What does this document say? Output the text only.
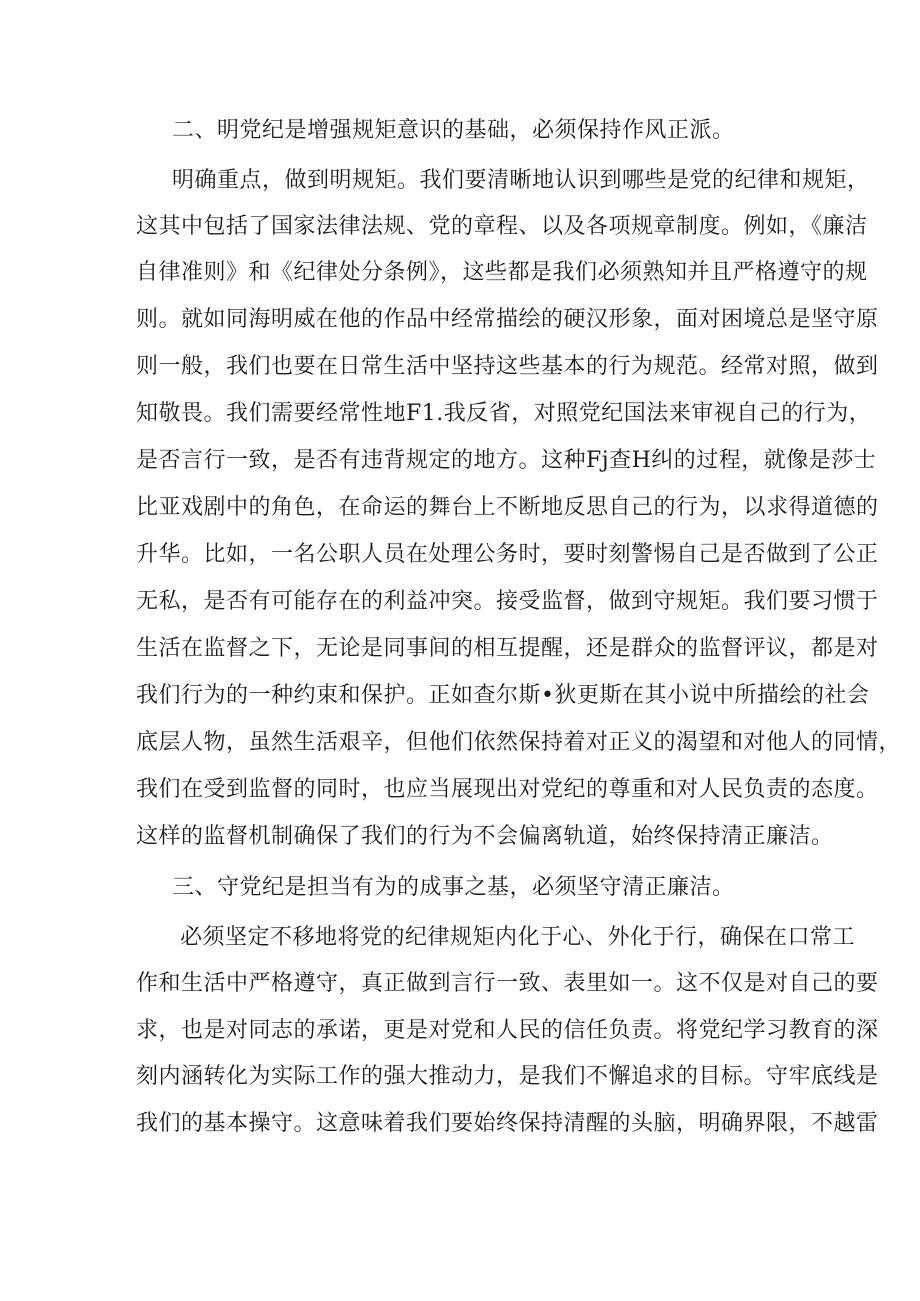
二、明党纪是增强规矩意识的基础，必须保持作风正派。
明确重点，做到明规矩。我们要清晰地认识到哪些是党的纪律和规矩，
这其中包括了国家法律法规、党的章程、以及各项规章制度。例如，《廉洁
自律准则》和《纪律处分条例》，这些都是我们必须熟知并且严格遵守的规
则。就如同海明威在他的作品中经常描绘的硬汉形象，面对困境总是坚守原
则一般，我们也要在日常生活中坚持这些基本的行为规范。经常对照，做到
知敬畏。我们需要经常性地F1.我反省，对照党纪国法来审视自己的行为，
是否言行一致，是否有违背规定的地方。这种Fj查H纠的过程，就像是莎士
比亚戏剧中的角色，在命运的舞台上不断地反思自己的行为，以求得道德的
升华。比如，一名公职人员在处理公务时，要时刻警惕自己是否做到了公正
无私，是否有可能存在的利益冲突。接受监督，做到守规矩。我们要习惯于
生活在监督之下，无论是同事间的相互提醒，还是群众的监督评议，都是对
我们行为的一种约束和保护。正如查尔斯•狄更斯在其小说中所描绘的社会
底层人物，虽然生活艰辛，但他们依然保持着对正义的渴望和对他人的同情，
我们在受到监督的同时，也应当展现出对党纪的尊重和对人民负责的态度。
这样的监督机制确保了我们的行为不会偏离轨道，始终保持清正廉洁。
三、守党纪是担当有为的成事之基，必须坚守清正廉洁。
必须坚定不移地将党的纪律规矩内化于心、外化于行，确保在口常工
作和生活中严格遵守，真正做到言行一致、表里如一。这不仅是对自己的要
求，也是对同志的承诺，更是对党和人民的信任负责。将党纪学习教育的深
刻内涵转化为实际工作的强大推动力，是我们不懈追求的目标。守牢底线是
我们的基本操守。这意味着我们要始终保持清醒的头脑，明确界限，不越雷
